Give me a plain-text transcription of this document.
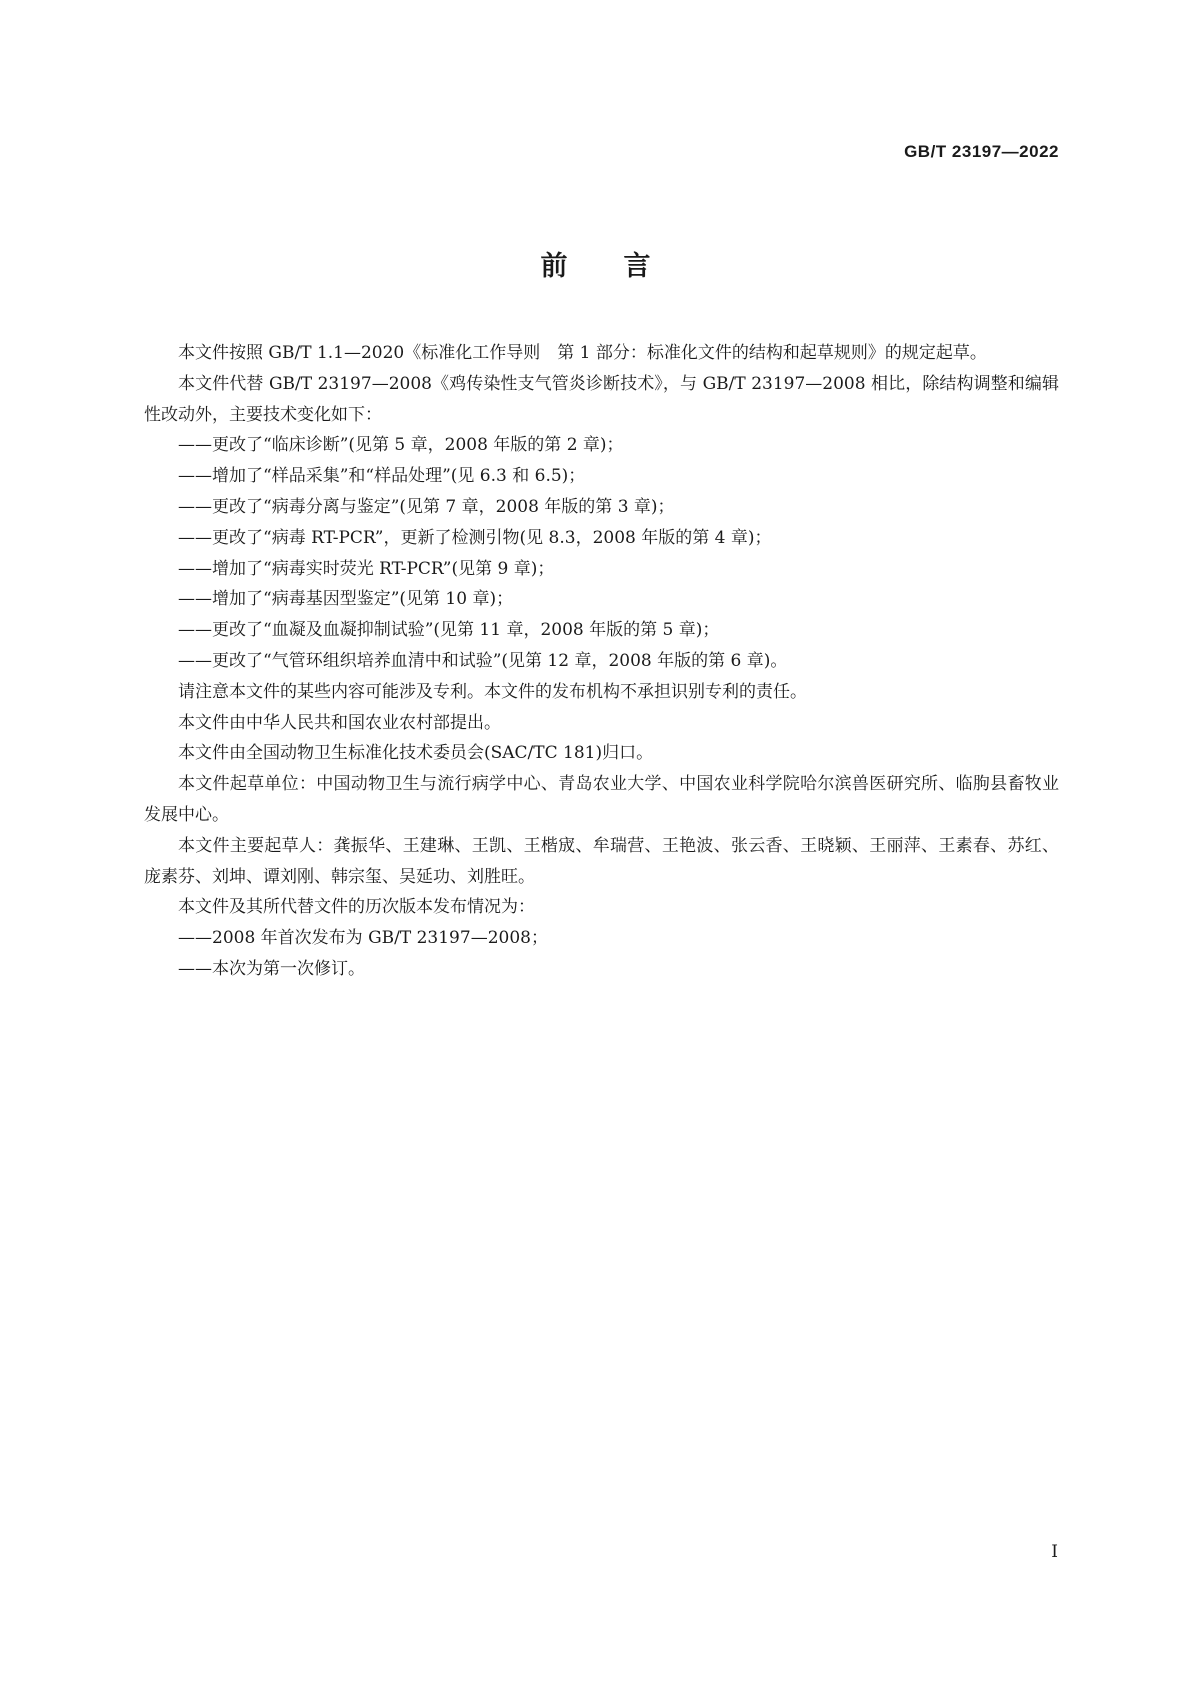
GB/T 23197—2022
前言

本文件按照 GB/T 1.1—2020《标准化工作导则　第 1 部分：标准化文件的结构和起草规则》的规定起草。

本文件代替 GB/T 23197—2008《鸡传染性支气管炎诊断技术》，与 GB/T 23197—2008 相比，除结构调整和编辑性改动外，主要技术变化如下：

——更改了“临床诊断”(见第 5 章，2008 年版的第 2 章)；

——增加了“样品采集”和“样品处理”(见 6.3 和 6.5)；

——更改了“病毒分离与鉴定”(见第 7 章，2008 年版的第 3 章)；

——更改了“病毒 RT-PCR”，更新了检测引物(见 8.3，2008 年版的第 4 章)；

——增加了“病毒实时荧光 RT-PCR”(见第 9 章)；

——增加了“病毒基因型鉴定”(见第 10 章)；

——更改了“血凝及血凝抑制试验”(见第 11 章，2008 年版的第 5 章)；

——更改了“气管环组织培养血清中和试验”(见第 12 章，2008 年版的第 6 章)。

请注意本文件的某些内容可能涉及专利。本文件的发布机构不承担识别专利的责任。

本文件由中华人民共和国农业农村部提出。

本文件由全国动物卫生标准化技术委员会(SAC/TC 181)归口。

本文件起草单位：中国动物卫生与流行病学中心、青岛农业大学、中国农业科学院哈尔滨兽医研究所、临朐县畜牧业发展中心。

本文件主要起草人：龚振华、王建琳、王凯、王楷宬、牟瑞营、王艳波、张云香、王晓颖、王丽萍、王素春、苏红、庞素芬、刘坤、谭刘刚、韩宗玺、吴延功、刘胜旺。

本文件及其所代替文件的历次版本发布情况为：

——2008 年首次发布为 GB/T 23197—2008；

——本次为第一次修订。

I
